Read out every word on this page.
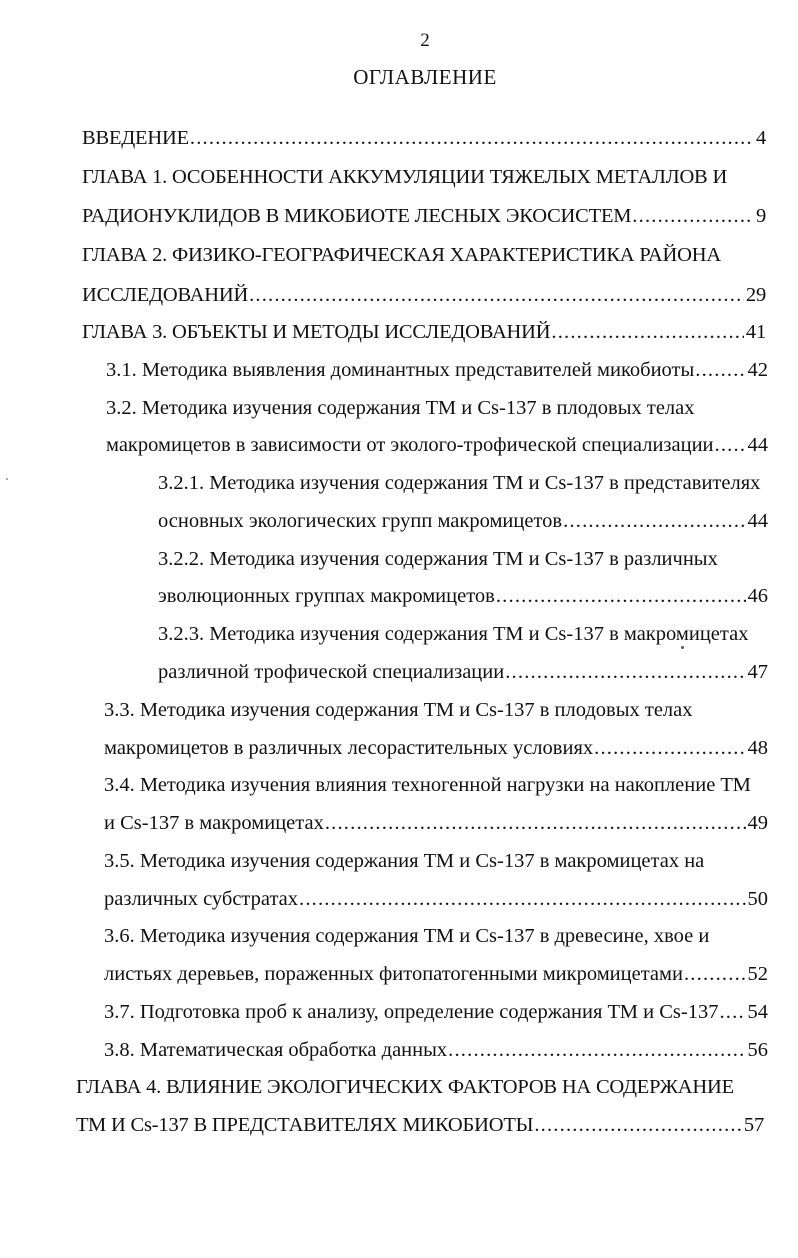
2
ОГЛАВЛЕНИЕ
ВВЕДЕНИЕ .....	4
ГЛАВА 1. ОСОБЕННОСТИ АККУМУЛЯЦИИ ТЯЖЕЛЫХ МЕТАЛЛОВ И
РАДИОНУКЛИДОВ В МИКОБИОТЕ ЛЕСНЫХ ЭКОСИСТЕМ .....	9
ГЛАВА 2. ФИЗИКО-ГЕОГРАФИЧЕСКАЯ ХАРАКТЕРИСТИКА РАЙОНА
ИССЛЕДОВАНИЙ .....	29
ГЛАВА 3. ОБЪЕКТЫ И МЕТОДЫ ИССЛЕДОВАНИЙ .....	41
3.1. Методика выявления доминантных представителей микобиоты .....	42
3.2. Методика изучения содержания ТМ и Cs-137 в плодовых телах
макромицетов в зависимости от эколого-трофической специализации ..... 44
3.2.1. Методика изучения содержания ТМ и Cs-137 в представителях
основных экологических групп макромицетов .....	44
3.2.2. Методика изучения содержания ТМ и Cs-137 в различных
эволюционных группах макромицетов .....	46
3.2.3. Методика изучения содержания ТМ и Cs-137 в макромицетах
различной трофической специализации .....	47
3.3. Методика изучения содержания ТМ и Cs-137 в плодовых телах
макромицетов в различных лесорастительных условиях .....	48
3.4. Методика изучения влияния техногенной нагрузки на накопление ТМ
и Cs-137 в макромицетах .....	49
3.5. Методика изучения содержания ТМ и Cs-137 в макромицетах на
различных субстратах .....	50
3.6. Методика изучения содержания ТМ и Cs-137 в древесине, хвое и
листьях деревьев, пораженных фитопатогенными микромицетами .....	52
3.7. Подготовка проб к анализу, определение содержания ТМ и Cs-137 ..... 54
3.8. Математическая обработка данных .....	56
ГЛАВА 4. ВЛИЯНИЕ ЭКОЛОГИЧЕСКИХ ФАКТОРОВ НА СОДЕРЖАНИЕ
ТМ И Cs-137 В ПРЕДСТАВИТЕЛЯХ МИКОБИОТЫ .....	57
